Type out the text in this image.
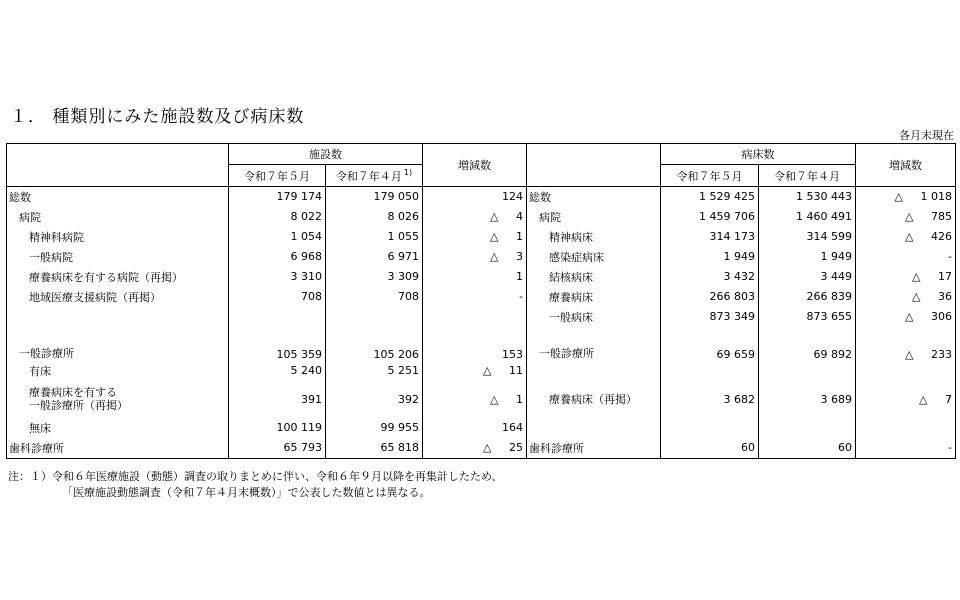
１． 種類別にみた施設数及び病床数
各月末現在
	施設数		増減数		病床数		増減数
	令和７年５月	令和７年４月 $^{1)}$			令和７年５月	令和７年４月	
総数	179 174	179 050	124	総数	1 529 425	1 530 443	△ 1 018
病院	8 022	8 026	△ 4	病院	1 459 706	1 460 491	△ 785
精神科病院	1 054	1 055	△ 1	精神病床	314 173	314 599	△ 426
一般病院	6 968	6 971	△ 3	感染症病床	1 949	1 949	-
療養病床を有する病院（再掲）	3 310	3 309	1	結核病床	3 432	3 449	△ 17
地域医療支援病院（再掲）	708	708	-	療養病床	266 803	266 839	△ 36
				一般病床	873 349	873 655	△ 306
一般診療所	105 359	105 206	153	一般診療所	69 659	69 892	△ 233
有床	5 240	5 251	△ 11				

療養病床を有する
一般診療所（再掲）	391	392	△ 1	療養病床（再掲）	3 682	3 689	△ 7
無床	100 119	99 955	164				
歯科診療所	65 793	65 818	△ 25	歯科診療所	60	60	-
注：１）令和６年医療施設（動態）調査の取りまとめに伴い、令和６年９月以降を再集計したため、
「医療施設動態調査（令和７年４月末概数）」で公表した数値とは異なる。
